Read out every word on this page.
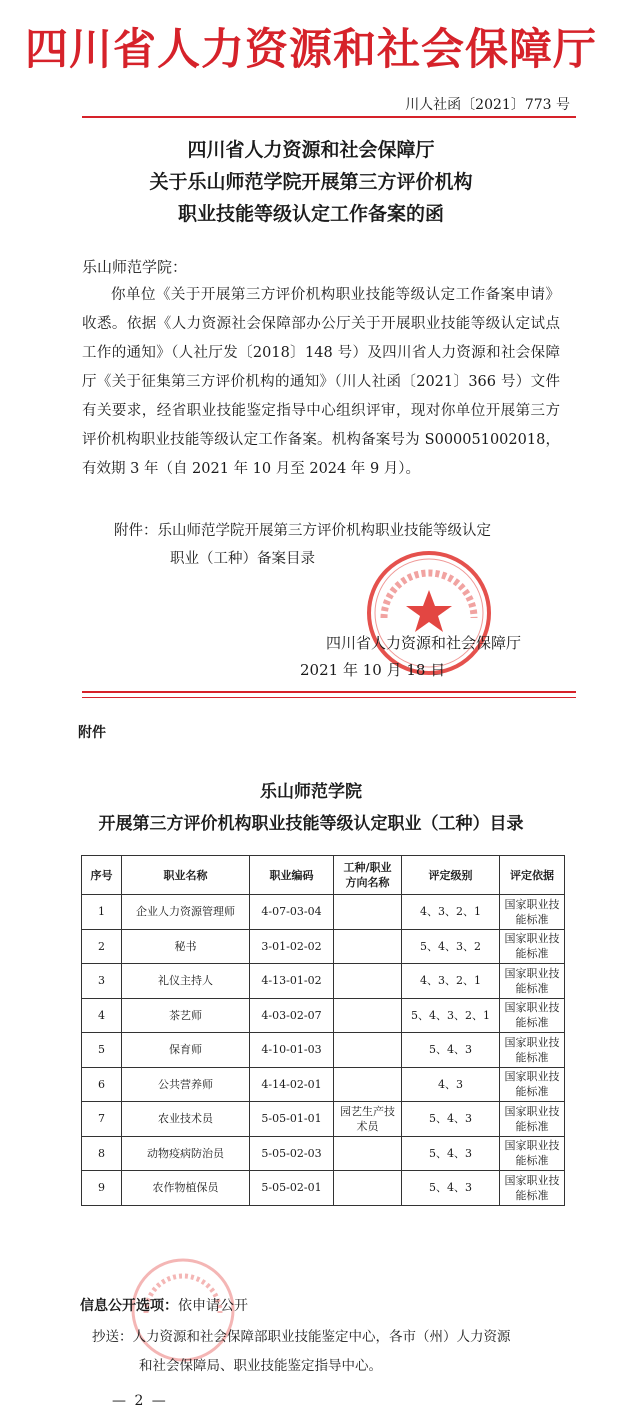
四川省人力资源和社会保障厅
川人社函〔2021〕773 号
四川省人力资源和社会保障厅
关于乐山师范学院开展第三方评价机构
职业技能等级认定工作备案的函
乐山师范学院：
你单位《关于开展第三方评价机构职业技能等级认定工作备案申请》收悉。依据《人力资源社会保障部办公厅关于开展职业技能等级认定试点工作的通知》（人社厅发〔2018〕148 号）及四川省人力资源和社会保障厅《关于征集第三方评价机构的通知》（川人社函〔2021〕366 号）文件有关要求，经省职业技能鉴定指导中心组织评审，现对你单位开展第三方评价机构职业技能等级认定工作备案。机构备案号为 S000051002018，有效期 3 年（自 2021 年 10 月至 2024 年 9 月）。
附件：乐山师范学院开展第三方评价机构职业技能等级认定
职业（工种）备案目录
四川省人力资源和社会保障厅
2021 年 10 月 18 日
附件
乐山师范学院
开展第三方评价机构职业技能等级认定职业（工种）目录
序号	职业名称	职业编码	工种/职业方向名称	评定级别	评定依据
1	企业人力资源管理师	4-07-03-04		4、3、2、1	国家职业技能标准
2	秘书	3-01-02-02		5、4、3、2	国家职业技能标准
3	礼仪主持人	4-13-01-02		4、3、2、1	国家职业技能标准
4	茶艺师	4-03-02-07		5、4、3、2、1	国家职业技能标准
5	保育师	4-10-01-03		5、4、3	国家职业技能标准
6	公共营养师	4-14-02-01		4、3	国家职业技能标准
7	农业技术员	5-05-01-01	园艺生产技术员	5、4、3	国家职业技能标准
8	动物疫病防治员	5-05-02-03		5、4、3	国家职业技能标准
9	农作物植保员	5-05-02-01		5、4、3	国家职业技能标准
信息公开选项：依申请公开
抄送：人力资源和社会保障部职业技能鉴定中心，各市（州）人力资源
和社会保障局、职业技能鉴定指导中心。
— 2 —
